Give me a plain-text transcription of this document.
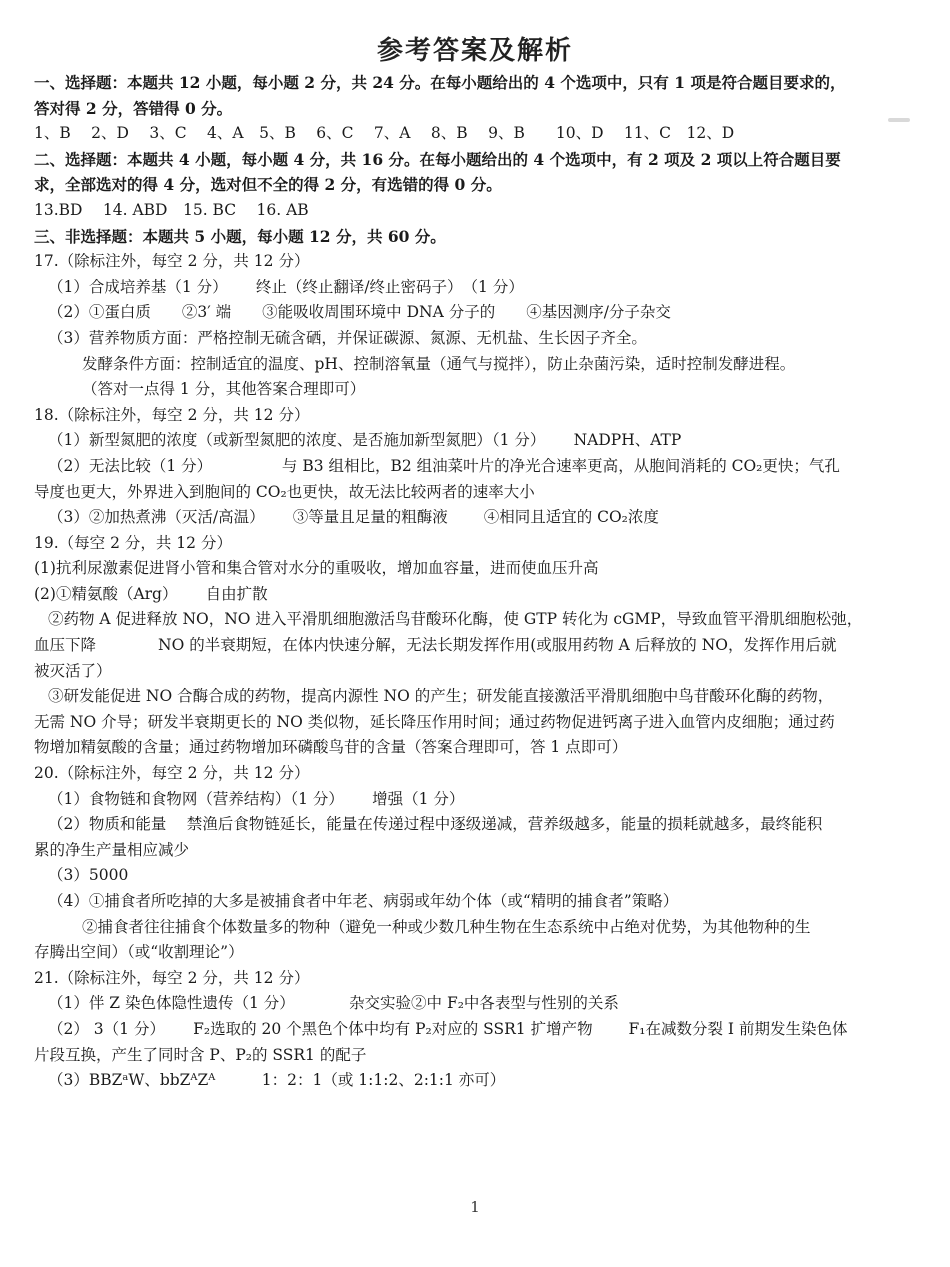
参考答案及解析
一、选择题：本题共 12 小题，每小题 2 分，共 24 分。在每小题给出的 4 个选项中，只有 1 项是符合题目要求的，
答对得 2 分，答错得 0 分。
1、B　 2、D　 3、C　 4、A　5、B　 6、C　 7、A　 8、B　 9、B　　10、D　 11、C　12、D
二、选择题：本题共 4 小题，每小题 4 分，共 16 分。在每小题给出的 4 个选项中，有 2 项及 2 项以上符合题目要
求，全部选对的得 4 分，选对但不全的得 2 分，有选错的得 0 分。
13.BD　 14. ABD　15. BC　 16. AB
三、非选择题：本题共 5 小题，每小题 12 分，共 60 分。
17.（除标注外，每空 2 分，共 12 分）
（1）合成培养基（1 分）　　 终止（终止翻译/终止密码子）　（1 分）
（2）①蛋白质　　②3′ 端　　③能吸收周围环境中 DNA 分子的　　④基因测序/分子杂交
（3）营养物质方面：严格控制无硫含硒，并保证碳源、氮源、无机盐、生长因子齐全。
发酵条件方面：控制适宜的温度、pH、控制溶氧量（通气与搅拌），防止杂菌污染，适时控制发酵进程。
（答对一点得 1 分，其他答案合理即可）
18.（除标注外，每空 2 分，共 12 分）
（1）新型氮肥的浓度（或新型氮肥的浓度、是否施加新型氮肥）（1 分）　　 NADPH、ATP
（2）无法比较（1 分）　　　　　与 B3 组相比，B2 组油菜叶片的净光合速率更高，从胞间消耗的 CO₂更快；气孔
导度也更大，外界进入到胞间的 CO₂也更快，故无法比较两者的速率大小
（3）②加热煮沸（灭活/高温）　　 ③等量且足量的粗酶液　　 ④相同且适宜的 CO₂浓度
19.（每空 2 分，共 12 分）
(1)抗利尿激素促进肾小管和集合管对水分的重吸收，增加血容量，进而使血压升高
(2)①精氨酸（Arg）　　 自由扩散
②药物 A 促进释放 NO，NO 进入平滑肌细胞激活鸟苷酸环化酶，使 GTP 转化为 cGMP，导致血管平滑肌细胞松弛，
血压下降　　　　NO 的半衰期短，在体内快速分解，无法长期发挥作用(或服用药物 A 后释放的 NO，发挥作用后就
被灭活了）
③研发能促进 NO 合酶合成的药物，提高内源性 NO 的产生；研发能直接激活平滑肌细胞中鸟苷酸环化酶的药物，
无需 NO 介导；研发半衰期更长的 NO 类似物，延长降压作用时间；通过药物促进钙离子进入血管内皮细胞；通过药
物增加精氨酸的含量；通过药物增加环磷酸鸟苷的含量（答案合理即可，答 1 点即可）
20.（除标注外，每空 2 分，共 12 分）
（1）食物链和食物网（营养结构）（1 分）　　 增强（1 分）
（2）物质和能量　 禁渔后食物链延长，能量在传递过程中逐级递减，营养级越多，能量的损耗就越多，最终能积
累的净生产量相应减少
（3）5000
（4）①捕食者所吃掉的大多是被捕食者中年老、病弱或年幼个体（或“精明的捕食者”策略）
②捕食者往往捕食个体数量多的物种（避免一种或少数几种生物在生态系统中占绝对优势，为其他物种的生
存腾出空间）（或“收割理论”）
21.（除标注外，每空 2 分，共 12 分）
（1）伴 Z 染色体隐性遗传（1 分）　　　　杂交实验②中 F₂中各表型与性别的关系
（2） 3（1 分）　　 F₂选取的 20 个黑色个体中均有 P₂对应的 SSR1 扩增产物　　 F₁在减数分裂 I 前期发生染色体
片段互换，产生了同时含 P、P₂的 SSR1 的配子
（3）BBZᵃW、bbZᴬZᴬ　　　1：2：1（或 1:1:2、2:1:1 亦可）
1
